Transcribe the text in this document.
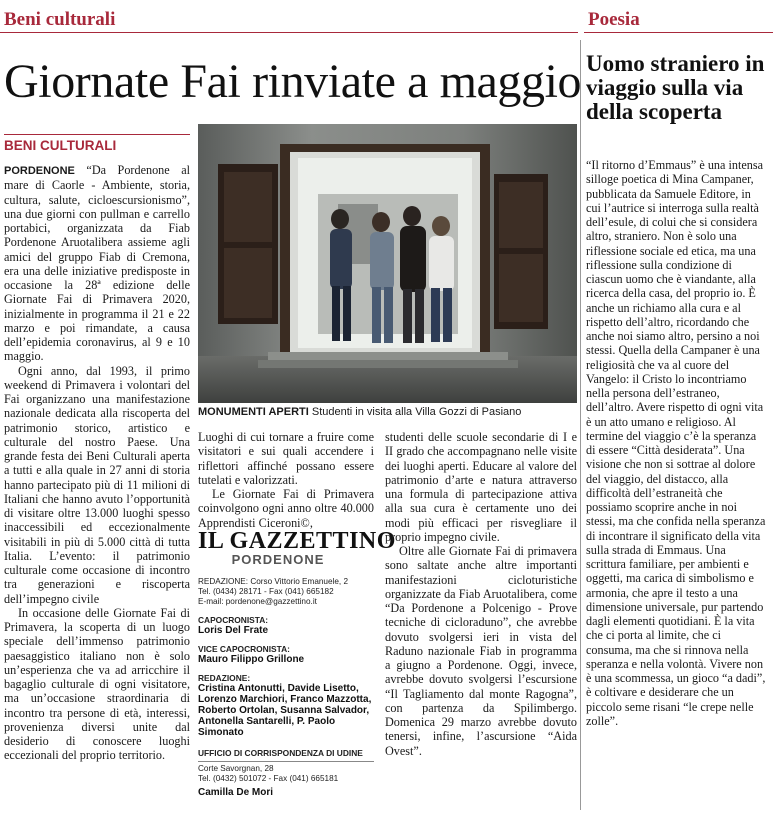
Beni culturali	Poesia
Giornate Fai rinviate a maggio
BENI CULTURALI

PORDENONE “Da Pordenone al mare di Caorle - Ambiente, storia, cultura, salute, cicloescursionismo”, una due giorni con pullman e carrello portabici, organizzata da Fiab Pordenone Aruotalibera assieme agli amici del gruppo Fiab di Cremona, era una delle iniziative predisposte in occasione la 28ª edizione delle Giornate Fai di Primavera 2020, inizialmente in programma il 21 e 22 marzo e poi rimandate, a causa dell’epidemia coronavirus, al 9 e 10 maggio.

Ogni anno, dal 1993, il primo weekend di Primavera i volontari del Fai organizzano una manifestazione nazionale dedicata alla riscoperta del patrimonio storico, artistico e culturale del nostro Paese. Una grande festa dei Beni Culturali aperta a tutti e alla quale in 27 anni di storia hanno partecipato più di 11 milioni di Italiani che hanno avuto l’opportunità di visitare oltre 13.000 luoghi spesso inaccessibili ed eccezionalmente visitabili in più di 5.000 città di tutta Italia. L’evento: il patrimonio culturale come occasione di incontro tra generazioni e riscoperta dell’impegno civile

In occasione delle Giornate Fai di Primavera, la scoperta di un luogo speciale dell’immenso patrimonio paesaggistico italiano non è solo un’esperienza che va ad arricchire il bagaglio culturale di ogni visitatore, ma un’occasione straordinaria di incontro tra persone di età, interessi, provenienza diversi unite dal desiderio di conoscere luoghi eccezionali del proprio territorio.

MONUMENTI APERTI Studenti in visita alla Villa Gozzi di Pasiano

Luoghi di cui tornare a fruire come visitatori e sui quali accendere i riflettori affinché possano essere tutelati e valorizzati.

Le Giornate Fai di Primavera coinvolgono ogni anno oltre 40.000 Apprendisti Ciceroni©,

IL GAZZETTINO
PORDENONE
REDAZIONE: Corso Vittorio Emanuele, 2
Tel. (0434) 28171 - Fax (041) 665182
E-mail: pordenone@gazzettino.it
CAPOCRONISTA:
Loris Del Frate
VICE CAPOCRONISTA:
Mauro Filippo Grillone
REDAZIONE:
Cristina Antonutti, Davide Lisetto, Lorenzo Marchiori, Franco Mazzotta, Roberto Ortolan, Susanna Salvador, Antonella Santarelli, P. Paolo Simonato
UFFICIO DI CORRISPONDENZA DI UDINE
Corte Savorgnan, 28
Tel. (0432) 501072 - Fax (041) 665181
Camilla De Mori

studenti delle scuole secondarie di I e II grado che accompagnano nelle visite dei luoghi aperti. Educare al valore del patrimonio d’arte e natura attraverso una formula di partecipazione attiva alla sua cura è certamente uno dei modi più efficaci per risvegliare il proprio impegno civile.

Oltre alle Giornate Fai di primavera sono saltate anche altre importanti manifestazioni cicloturistiche organizzate da Fiab Aruotalibera, come “Da Pordenone a Polcenigo - Prove tecniche di cicloraduno”, che avrebbe dovuto svolgersi ieri in vista del Raduno nazionale Fiab in programma a giugno a Pordenone. Oggi, invece, avrebbe dovuto svolgersi l’escursione “Il Tagliamento dal monte Ragogna”, con partenza da Spilimbergo. Domenica 29 marzo avrebbe dovuto tenersi, infine, l’ascursione “Aida Ovest”.

Uomo straniero in viaggio sulla via della scoperta

“Il ritorno d’Emmaus” è una intensa silloge poetica di Mina Campaner, pubblicata da Samuele Editore, in cui l’autrice si interroga sulla realtà dell’esule, di colui che si considera altro, straniero. Non è solo una riflessione sociale ed etica, ma una riflessione sulla condizione di ciascun uomo che è viandante, alla ricerca della casa, del proprio io. È anche un richiamo alla cura e al rispetto dell’altro, ricordando che anche noi siamo altro, persino a noi stessi. Quella della Campaner è una religiosità che va al cuore del Vangelo: il Cristo lo incontriamo nella persona dell’estraneo, dell’altro. Avere rispetto di ogni vita è un atto umano e religioso. Al termine del viaggio c’è la speranza di essere “Città desiderata”. Una visione che non si sottrae al dolore del viaggio, del distacco, alla difficoltà dell’estraneità che possiamo scoprire anche in noi stessi, ma che confida nella speranza di incontrare il significato della vita sulla strada di Emmaus. Una scrittura familiare, per ambienti e oggetti, ma carica di simbolismo e armonia, che apre il testo a una dimensione universale, pur partendo dagli elementi quotidiani. È la vita che ci porta al limite, che ci consuma, ma che si rinnova nella speranza e nella volontà. Vivere non è una scommessa, un gioco “a dadi”, è coltivare e desiderare che un piccolo seme risani “le crepe nelle zolle”.
